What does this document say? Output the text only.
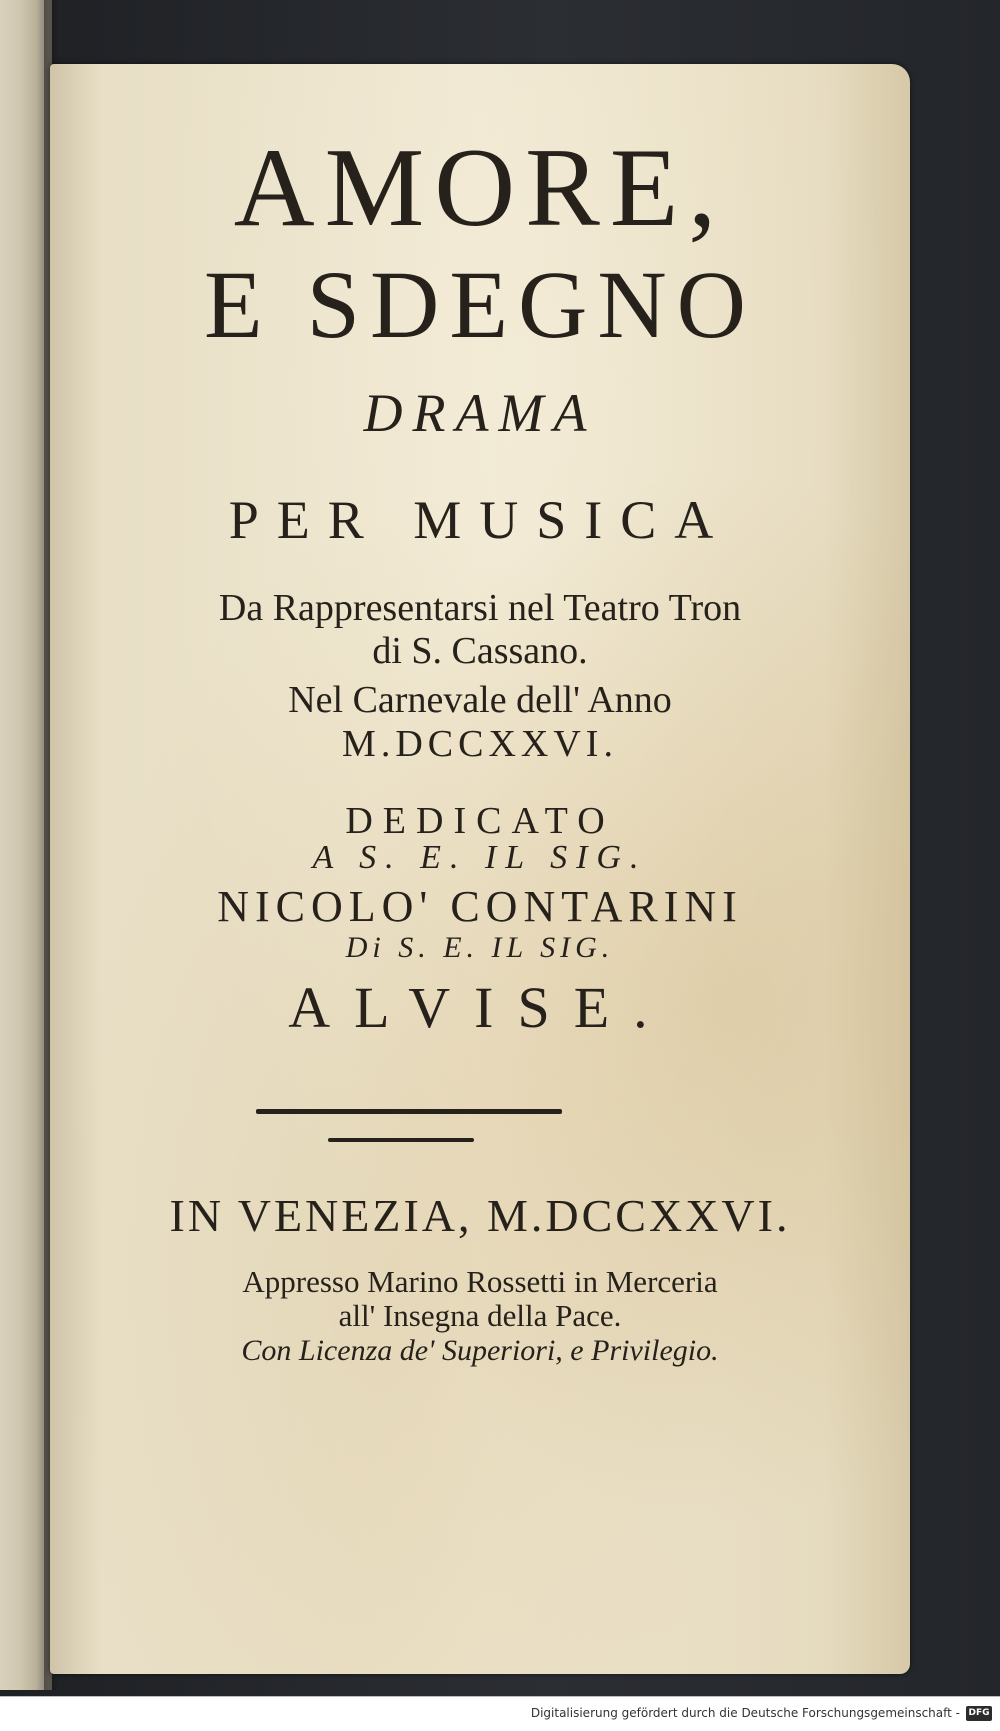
AMORE,
E SDEGNO
DRAMA
PER MUSICA
Da Rappresentarsi nel Teatro Tron
di S. Cassano.
Nel Carnevale dell' Anno
M.DCCXXVI.
DEDICATO
A S. E. IL SIG.
NICOLO' CONTARINI
Di S. E. IL SIG.
ALVISE.
IN VENEZIA, M.DCCXXVI.
Appresso Marino Rossetti in Merceria
all' Insegna della Pace.
Con Licenza de' Superiori, e Privilegio.
Digitalisierung gefördert durch die Deutsche Forschungsgemeinschaft - DFG
